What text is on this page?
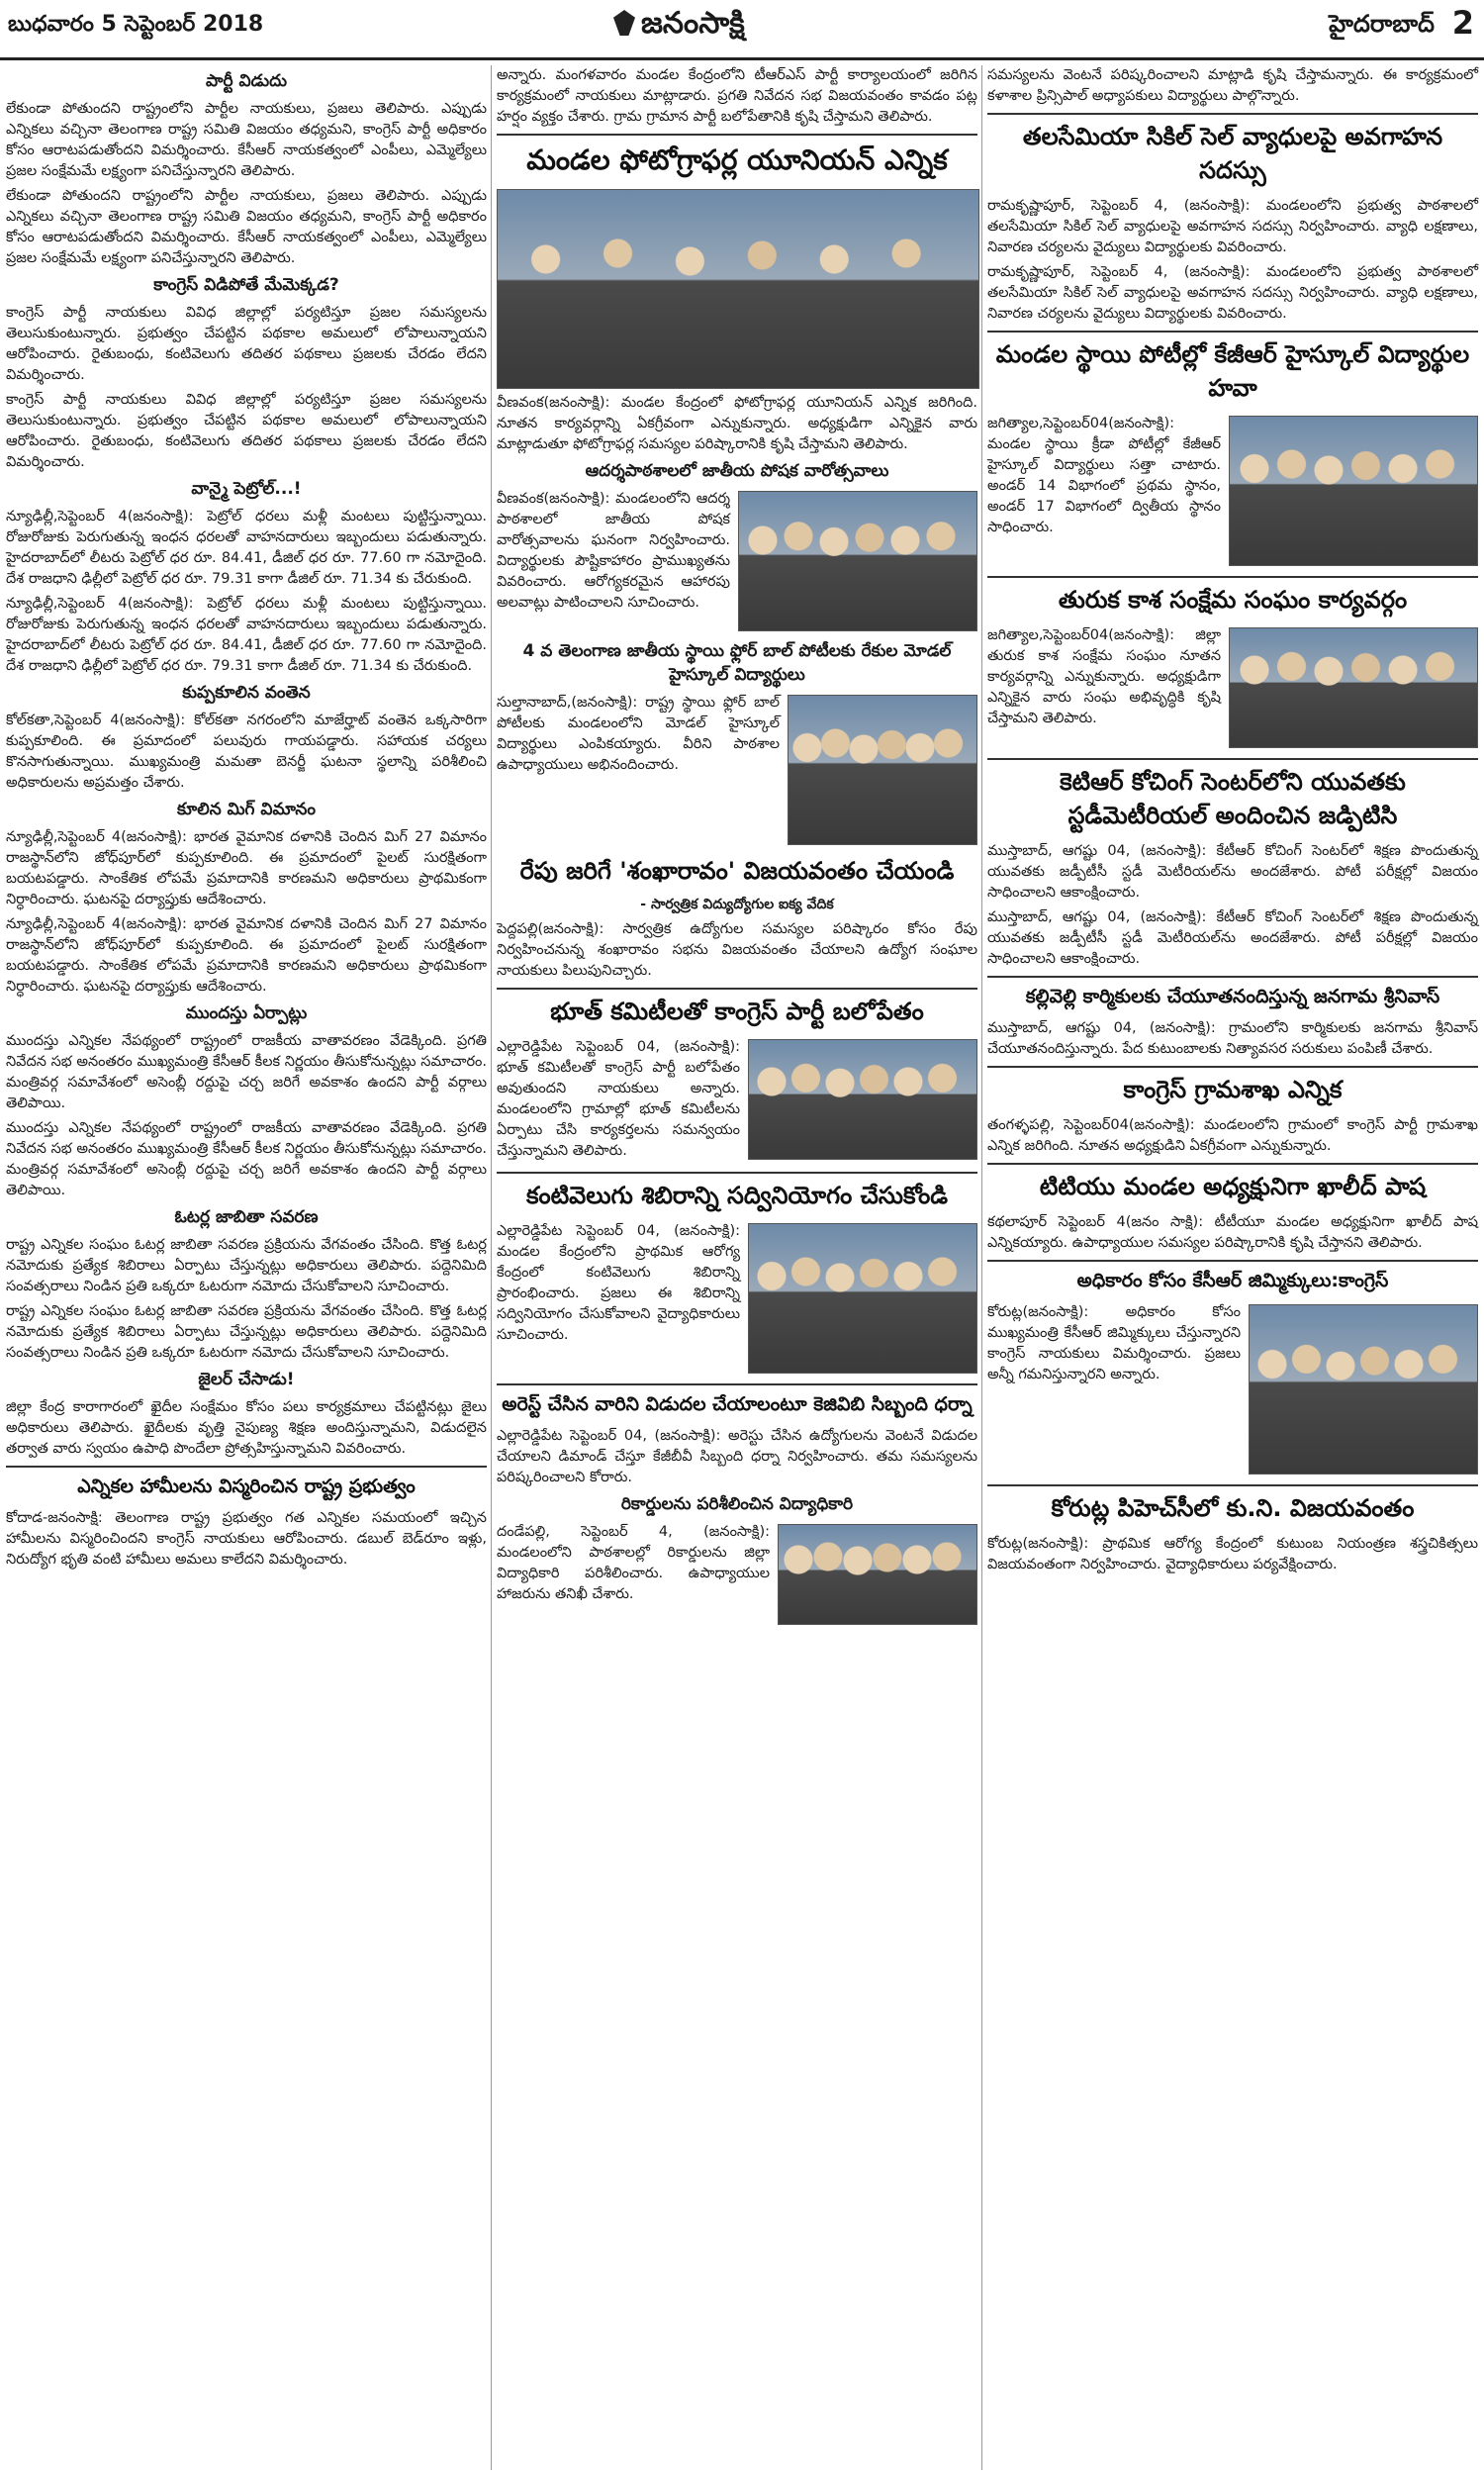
బుధవారం 5 సెప్టెంబర్ 2018	జనంసాక్షి	హైదరాబాద్ 2
పార్టీ విడుదు

లేకుండా పోతుందని రాష్ట్రంలోని పార్టీల నాయకులు, ప్రజలు తెలిపారు. ఎప్పుడు ఎన్నికలు వచ్చినా తెలంగాణ రాష్ట్ర సమితి విజయం తధ్యమని, కాంగ్రెస్ పార్టీ అధికారం కోసం ఆరాటపడుతోందని విమర్శించారు. కేసీఆర్ నాయకత్వంలో ఎంపీలు, ఎమ్మెల్యేలు ప్రజల సంక్షేమమే లక్ష్యంగా పనిచేస్తున్నారని తెలిపారు.

లేకుండా పోతుందని రాష్ట్రంలోని పార్టీల నాయకులు, ప్రజలు తెలిపారు. ఎప్పుడు ఎన్నికలు వచ్చినా తెలంగాణ రాష్ట్ర సమితి విజయం తధ్యమని, కాంగ్రెస్ పార్టీ అధికారం కోసం ఆరాటపడుతోందని విమర్శించారు. కేసీఆర్ నాయకత్వంలో ఎంపీలు, ఎమ్మెల్యేలు ప్రజల సంక్షేమమే లక్ష్యంగా పనిచేస్తున్నారని తెలిపారు.

కాంగ్రెస్ విడిపోతే మేమెక్కడ?

కాంగ్రెస్ పార్టీ నాయకులు వివిధ జిల్లాల్లో పర్యటిస్తూ ప్రజల సమస్యలను తెలుసుకుంటున్నారు. ప్రభుత్వం చేపట్టిన పథకాల అమలులో లోపాలున్నాయని ఆరోపించారు. రైతుబంధు, కంటివెలుగు తదితర పథకాలు ప్రజలకు చేరడం లేదని విమర్శించారు.

కాంగ్రెస్ పార్టీ నాయకులు వివిధ జిల్లాల్లో పర్యటిస్తూ ప్రజల సమస్యలను తెలుసుకుంటున్నారు. ప్రభుత్వం చేపట్టిన పథకాల అమలులో లోపాలున్నాయని ఆరోపించారు. రైతుబంధు, కంటివెలుగు తదితర పథకాలు ప్రజలకు చేరడం లేదని విమర్శించారు.

వాన్మై పెట్రోల్...!

న్యూఢిల్లీ,సెప్టెంబర్ 4(జనంసాక్షి): పెట్రోల్ ధరలు మళ్లీ మంటలు పుట్టిస్తున్నాయి. రోజురోజుకు పెరుగుతున్న ఇంధన ధరలతో వాహనదారులు ఇబ్బందులు పడుతున్నారు. హైదరాబాద్‌లో లీటరు పెట్రోల్ ధర రూ. 84.41, డీజిల్ ధర రూ. 77.60 గా నమోదైంది. దేశ రాజధాని ఢిల్లీలో పెట్రోల్ ధర రూ. 79.31 కాగా డీజిల్ రూ. 71.34 కు చేరుకుంది.

న్యూఢిల్లీ,సెప్టెంబర్ 4(జనంసాక్షి): పెట్రోల్ ధరలు మళ్లీ మంటలు పుట్టిస్తున్నాయి. రోజురోజుకు పెరుగుతున్న ఇంధన ధరలతో వాహనదారులు ఇబ్బందులు పడుతున్నారు. హైదరాబాద్‌లో లీటరు పెట్రోల్ ధర రూ. 84.41, డీజిల్ ధర రూ. 77.60 గా నమోదైంది. దేశ రాజధాని ఢిల్లీలో పెట్రోల్ ధర రూ. 79.31 కాగా డీజిల్ రూ. 71.34 కు చేరుకుంది.

కుప్పకూలిన వంతెన

కోల్‌కతా,సెప్టెంబర్ 4(జనంసాక్షి): కోల్‌కతా నగరంలోని మాజేర్హాట్ వంతెన ఒక్కసారిగా కుప్పకూలింది. ఈ ప్రమాదంలో పలువురు గాయపడ్డారు. సహాయక చర్యలు కొనసాగుతున్నాయి. ముఖ్యమంత్రి మమతా బెనర్జీ ఘటనా స్థలాన్ని పరిశీలించి అధికారులను అప్రమత్తం చేశారు.

కూలిన మిగ్ విమానం

న్యూఢిల్లీ,సెప్టెంబర్ 4(జనంసాక్షి): భారత వైమానిక దళానికి చెందిన మిగ్ 27 విమానం రాజస్థాన్‌లోని జోధ్‌పూర్‌లో కుప్పకూలింది. ఈ ప్రమాదంలో పైలట్ సురక్షితంగా బయటపడ్డారు. సాంకేతిక లోపమే ప్రమాదానికి కారణమని అధికారులు ప్రాథమికంగా నిర్ధారించారు. ఘటనపై దర్యాప్తుకు ఆదేశించారు.

న్యూఢిల్లీ,సెప్టెంబర్ 4(జనంసాక్షి): భారత వైమానిక దళానికి చెందిన మిగ్ 27 విమానం రాజస్థాన్‌లోని జోధ్‌పూర్‌లో కుప్పకూలింది. ఈ ప్రమాదంలో పైలట్ సురక్షితంగా బయటపడ్డారు. సాంకేతిక లోపమే ప్రమాదానికి కారణమని అధికారులు ప్రాథమికంగా నిర్ధారించారు. ఘటనపై దర్యాప్తుకు ఆదేశించారు.

ముందస్తు ఏర్పాట్లు

ముందస్తు ఎన్నికల నేపథ్యంలో రాష్ట్రంలో రాజకీయ వాతావరణం వేడెక్కింది. ప్రగతి నివేదన సభ అనంతరం ముఖ్యమంత్రి కేసీఆర్ కీలక నిర్ణయం తీసుకోనున్నట్లు సమాచారం. మంత్రివర్గ సమావేశంలో అసెంబ్లీ రద్దుపై చర్చ జరిగే అవకాశం ఉందని పార్టీ వర్గాలు తెలిపాయి.

ముందస్తు ఎన్నికల నేపథ్యంలో రాష్ట్రంలో రాజకీయ వాతావరణం వేడెక్కింది. ప్రగతి నివేదన సభ అనంతరం ముఖ్యమంత్రి కేసీఆర్ కీలక నిర్ణయం తీసుకోనున్నట్లు సమాచారం. మంత్రివర్గ సమావేశంలో అసెంబ్లీ రద్దుపై చర్చ జరిగే అవకాశం ఉందని పార్టీ వర్గాలు తెలిపాయి.

ఓటర్ల జాబితా సవరణ

రాష్ట్ర ఎన్నికల సంఘం ఓటర్ల జాబితా సవరణ ప్రక్రియను వేగవంతం చేసింది. కొత్త ఓటర్ల నమోదుకు ప్రత్యేక శిబిరాలు ఏర్పాటు చేస్తున్నట్లు అధికారులు తెలిపారు. పద్దెనిమిది సంవత్సరాలు నిండిన ప్రతి ఒక్కరూ ఓటరుగా నమోదు చేసుకోవాలని సూచించారు.

రాష్ట్ర ఎన్నికల సంఘం ఓటర్ల జాబితా సవరణ ప్రక్రియను వేగవంతం చేసింది. కొత్త ఓటర్ల నమోదుకు ప్రత్యేక శిబిరాలు ఏర్పాటు చేస్తున్నట్లు అధికారులు తెలిపారు. పద్దెనిమిది సంవత్సరాలు నిండిన ప్రతి ఒక్కరూ ఓటరుగా నమోదు చేసుకోవాలని సూచించారు.

జైలర్ చేసాడు!

జిల్లా కేంద్ర కారాగారంలో ఖైదీల సంక్షేమం కోసం పలు కార్యక్రమాలు చేపట్టినట్లు జైలు అధికారులు తెలిపారు. ఖైదీలకు వృత్తి నైపుణ్య శిక్షణ అందిస్తున్నామని, విడుదలైన తర్వాత వారు స్వయం ఉపాధి పొందేలా ప్రోత్సహిస్తున్నామని వివరించారు.

ఎన్నికల హామీలను విస్మరించిన రాష్ట్ర ప్రభుత్వం

కోదాడ-జనంసాక్షి: తెలంగాణ రాష్ట్ర ప్రభుత్వం గత ఎన్నికల సమయంలో ఇచ్చిన హామీలను విస్మరించిందని కాంగ్రెస్ నాయకులు ఆరోపించారు. డబుల్ బెడ్‌రూం ఇళ్లు, నిరుద్యోగ భృతి వంటి హామీలు అమలు కాలేదని విమర్శించారు.

అన్నారు. మంగళవారం మండల కేంద్రంలోని టీఆర్ఎస్ పార్టీ కార్యాలయంలో జరిగిన కార్యక్రమంలో నాయకులు మాట్లాడారు. ప్రగతి నివేదన సభ విజయవంతం కావడం పట్ల హర్షం వ్యక్తం చేశారు. గ్రామ గ్రామాన పార్టీ బలోపేతానికి కృషి చేస్తామని తెలిపారు.

మండల ఫోటోగ్రాఫర్ల యూనియన్ ఎన్నిక

వీణవంక(జనంసాక్షి): మండల కేంద్రంలో ఫోటోగ్రాఫర్ల యూనియన్ ఎన్నిక జరిగింది. నూతన కార్యవర్గాన్ని ఏకగ్రీవంగా ఎన్నుకున్నారు. అధ్యక్షుడిగా ఎన్నికైన వారు మాట్లాడుతూ ఫోటోగ్రాఫర్ల సమస్యల పరిష్కారానికి కృషి చేస్తామని తెలిపారు.

ఆదర్శపాఠశాలలో జాతీయ పోషక వారోత్సవాలు

వీణవంక(జనంసాక్షి): మండలంలోని ఆదర్శ పాఠశాలలో జాతీయ పోషక వారోత్సవాలను ఘనంగా నిర్వహించారు. విద్యార్థులకు పౌష్టికాహారం ప్రాముఖ్యతను వివరించారు. ఆరోగ్యకరమైన ఆహారపు అలవాట్లు పాటించాలని సూచించారు.

4 వ తెలంగాణ జాతీయ స్థాయి ఫ్లోర్ బాల్ పోటీలకు రేకుల మోడల్ హైస్కూల్ విద్యార్థులు

సుల్తానాబాద్,(జనంసాక్షి): రాష్ట్ర స్థాయి ఫ్లోర్ బాల్ పోటీలకు మండలంలోని మోడల్ హైస్కూల్ విద్యార్థులు ఎంపికయ్యారు. వీరిని పాఠశాల ఉపాధ్యాయులు అభినందించారు.

రేపు జరిగే 'శంఖారావం' విజయవంతం చేయండి
- సార్వత్రిక విద్యుద్యోగుల ఐక్య వేదిక

పెద్దపల్లి(జనంసాక్షి): సార్వత్రిక ఉద్యోగుల సమస్యల పరిష్కారం కోసం రేపు నిర్వహించనున్న శంఖారావం సభను విజయవంతం చేయాలని ఉద్యోగ సంఘాల నాయకులు పిలుపునిచ్చారు.

భూత్ కమిటీలతో కాంగ్రెస్ పార్టీ బలోపేతం

ఎల్లారెడ్డిపేట సెప్టెంబర్ 04, (జనంసాక్షి): భూత్ కమిటీలతో కాంగ్రెస్ పార్టీ బలోపేతం అవుతుందని నాయకులు అన్నారు. మండలంలోని గ్రామాల్లో భూత్ కమిటీలను ఏర్పాటు చేసి కార్యకర్తలను సమన్వయం చేస్తున్నామని తెలిపారు.

కంటివెలుగు శిబిరాన్ని సద్వినియోగం చేసుకోండి

ఎల్లారెడ్డిపేట సెప్టెంబర్ 04, (జనంసాక్షి): మండల కేంద్రంలోని ప్రాథమిక ఆరోగ్య కేంద్రంలో కంటివెలుగు శిబిరాన్ని ప్రారంభించారు. ప్రజలు ఈ శిబిరాన్ని సద్వినియోగం చేసుకోవాలని వైద్యాధికారులు సూచించారు.

అరెస్ట్ చేసిన వారిని విడుదల చేయాలంటూ కెజివిబి సిబ్బంది ధర్నా

ఎల్లారెడ్డిపేట సెప్టెంబర్ 04, (జనంసాక్షి): అరెస్టు చేసిన ఉద్యోగులను వెంటనే విడుదల చేయాలని డిమాండ్ చేస్తూ కేజీబీవీ సిబ్బంది ధర్నా నిర్వహించారు. తమ సమస్యలను పరిష్కరించాలని కోరారు.

రికార్డులను పరిశీలించిన విద్యాధికారి

దండేపల్లి, సెప్టెంబర్ 4, (జనంసాక్షి): మండలంలోని పాఠశాలల్లో రికార్డులను జిల్లా విద్యాధికారి పరిశీలించారు. ఉపాధ్యాయుల హాజరును తనిఖీ చేశారు.

సమస్యలను వెంటనే పరిష్కరించాలని మాట్లాడి కృషి చేస్తామన్నారు. ఈ కార్యక్రమంలో కళాశాల ప్రిన్సిపాల్ అధ్యాపకులు విద్యార్థులు పాల్గొన్నారు.

తలసేమియా సికిల్ సెల్ వ్యాధులపై అవగాహన సదస్సు

రామకృష్ణాపూర్, సెప్టెంబర్ 4, (జనంసాక్షి): మండలంలోని ప్రభుత్వ పాఠశాలలో తలసేమియా సికిల్ సెల్ వ్యాధులపై అవగాహన సదస్సు నిర్వహించారు. వ్యాధి లక్షణాలు, నివారణ చర్యలను వైద్యులు విద్యార్థులకు వివరించారు.

రామకృష్ణాపూర్, సెప్టెంబర్ 4, (జనంసాక్షి): మండలంలోని ప్రభుత్వ పాఠశాలలో తలసేమియా సికిల్ సెల్ వ్యాధులపై అవగాహన సదస్సు నిర్వహించారు. వ్యాధి లక్షణాలు, నివారణ చర్యలను వైద్యులు విద్యార్థులకు వివరించారు.

మండల స్థాయి పోటీల్లో కేజీఆర్ హైస్కూల్ విద్యార్థుల హవా

జగిత్యాల,సెప్టెంబర్04(జనంసాక్షి): మండల స్థాయి క్రీడా పోటీల్లో కేజీఆర్ హైస్కూల్ విద్యార్థులు సత్తా చాటారు. అండర్ 14 విభాగంలో ప్రథమ స్థానం, అండర్ 17 విభాగంలో ద్వితీయ స్థానం సాధించారు.

తురుక కాశ సంక్షేమ సంఘం కార్యవర్గం

జగిత్యాల,సెప్టెంబర్04(జనంసాక్షి): జిల్లా తురుక కాశ సంక్షేమ సంఘం నూతన కార్యవర్గాన్ని ఎన్నుకున్నారు. అధ్యక్షుడిగా ఎన్నికైన వారు సంఘ అభివృద్ధికి కృషి చేస్తామని తెలిపారు.

కెటిఆర్ కోచింగ్ సెంటర్‌లోని యువతకు స్టడీమెటీరియల్ అందించిన జడ్పిటిసి

ముస్తాబాద్, ఆగష్టు 04, (జనంసాక్షి): కేటీఆర్ కోచింగ్ సెంటర్‌లో శిక్షణ పొందుతున్న యువతకు జడ్పీటీసీ స్టడీ మెటీరియల్‌ను అందజేశారు. పోటీ పరీక్షల్లో విజయం సాధించాలని ఆకాంక్షించారు.

ముస్తాబాద్, ఆగష్టు 04, (జనంసాక్షి): కేటీఆర్ కోచింగ్ సెంటర్‌లో శిక్షణ పొందుతున్న యువతకు జడ్పీటీసీ స్టడీ మెటీరియల్‌ను అందజేశారు. పోటీ పరీక్షల్లో విజయం సాధించాలని ఆకాంక్షించారు.

కల్లివెల్లి కార్మికులకు చేయూతనందిస్తున్న జనగామ శ్రీనివాస్

ముస్తాబాద్, ఆగష్టు 04, (జనంసాక్షి): గ్రామంలోని కార్మికులకు జనగామ శ్రీనివాస్ చేయూతనందిస్తున్నారు. పేద కుటుంబాలకు నిత్యావసర సరుకులు పంపిణీ చేశారు.

కాంగ్రెస్ గ్రామశాఖ ఎన్నిక

తంగళ్ళపల్లి, సెప్టెంబర్04(జనంసాక్షి): మండలంలోని గ్రామంలో కాంగ్రెస్ పార్టీ గ్రామశాఖ ఎన్నిక జరిగింది. నూతన అధ్యక్షుడిని ఏకగ్రీవంగా ఎన్నుకున్నారు.

టిటియు మండల అధ్యక్షునిగా ఖాలీద్ పాష

కథలాపూర్ సెప్టెంబర్ 4(జనం సాక్షి): టీటీయూ మండల అధ్యక్షునిగా ఖాలీద్ పాష ఎన్నికయ్యారు. ఉపాధ్యాయుల సమస్యల పరిష్కారానికి కృషి చేస్తానని తెలిపారు.

అధికారం కోసం కేసీఆర్ జిమ్మిక్కులు:కాంగ్రెస్

కోరుట్ల(జనంసాక్షి): అధికారం కోసం ముఖ్యమంత్రి కేసీఆర్ జిమ్మిక్కులు చేస్తున్నారని కాంగ్రెస్ నాయకులు విమర్శించారు. ప్రజలు అన్నీ గమనిస్తున్నారని అన్నారు.

కోరుట్ల పిహెచ్‌సీలో కు.ని. విజయవంతం

కోరుట్ల(జనంసాక్షి): ప్రాథమిక ఆరోగ్య కేంద్రంలో కుటుంబ నియంత్రణ శస్త్రచికిత్సలు విజయవంతంగా నిర్వహించారు. వైద్యాధికారులు పర్యవేక్షించారు.
